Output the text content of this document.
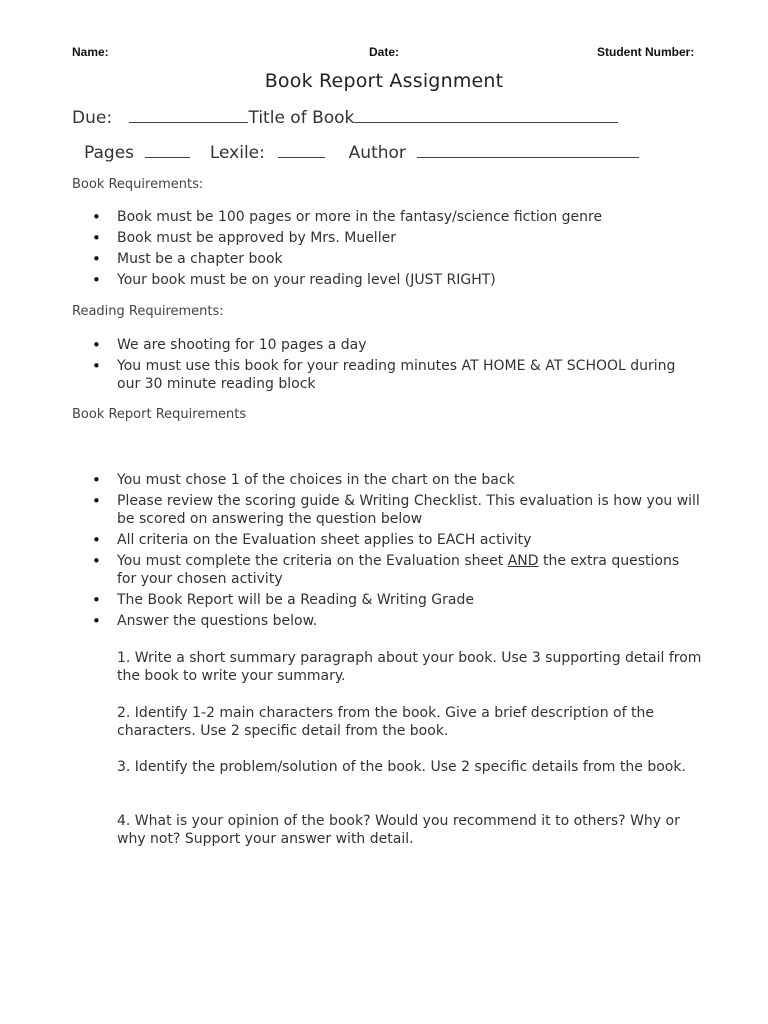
Name:	Date:	Student Number:
Book Report Assignment
Due:	Title of Book
Pages	Lexile:	Author
Book Requirements:
• Book must be 100 pages or more in the fantasy/science fiction genre
• Book must be approved by Mrs. Mueller
• Must be a chapter book
• Your book must be on your reading level (JUST RIGHT)
Reading Requirements:
• We are shooting for 10 pages a day
• You must use this book for your reading minutes AT HOME & AT SCHOOL during our 30 minute reading block
Book Report Requirements
• You must chose 1 of the choices in the chart on the back
• Please review the scoring guide & Writing Checklist. This evaluation is how you will be scored on answering the question below
• All criteria on the Evaluation sheet applies to EACH activity
• You must complete the criteria on the Evaluation sheet AND the extra questions for your chosen activity
• The Book Report will be a Reading & Writing Grade
• Answer the questions below.
1. Write a short summary paragraph about your book. Use 3 supporting detail from the book to write your summary.
2. Identify 1-2 main characters from the book. Give a brief description of the characters. Use 2 specific detail from the book.
3. Identify the problem/solution of the book. Use 2 specific details from the book.
4. What is your opinion of the book? Would you recommend it to others? Why or why not? Support your answer with detail.
